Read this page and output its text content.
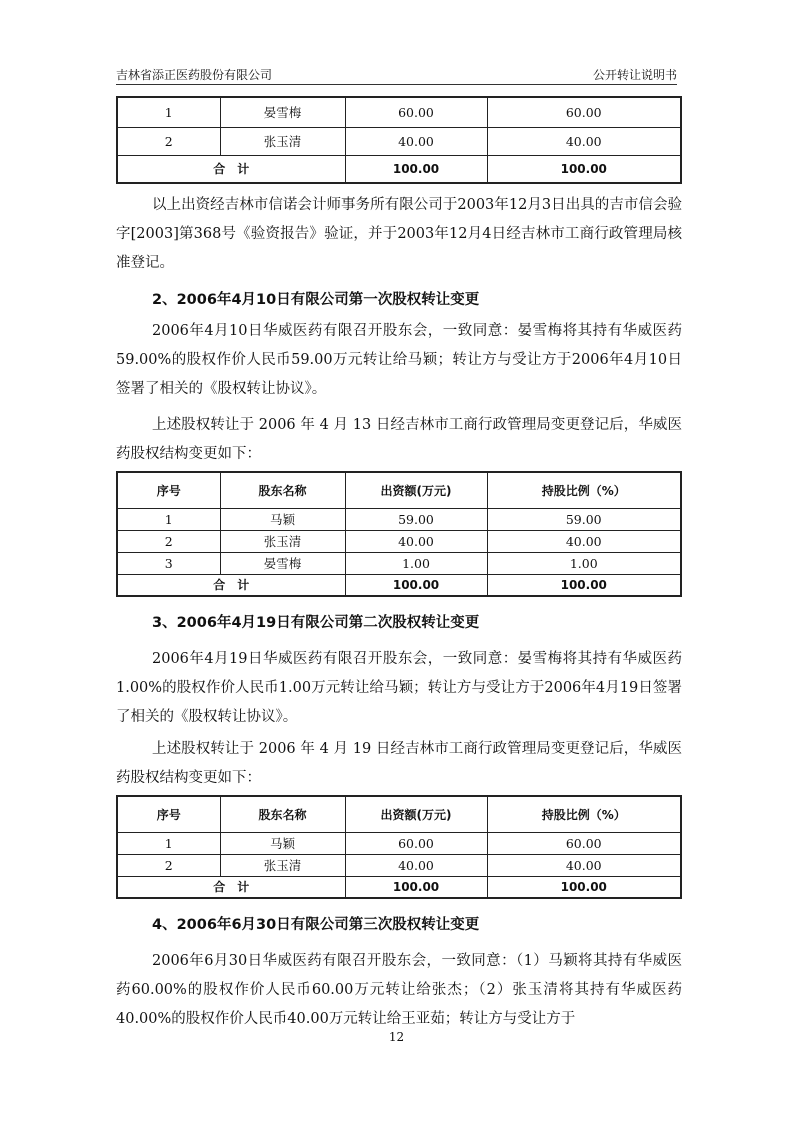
吉林省添正医药股份有限公司	公开转让说明书
1	晏雪梅	60.00	60.00
2	张玉清	40.00	40.00
合　计		100.00	100.00
以上出资经吉林市信诺会计师事务所有限公司于2003年12月3日出具的吉市信会验字[2003]第368号《验资报告》验证，并于2003年12月4日经吉林市工商行政管理局核准登记。
2、2006年4月10日有限公司第一次股权转让变更
2006年4月10日华威医药有限召开股东会，一致同意：晏雪梅将其持有华威医药59.00%的股权作价人民币59.00万元转让给马颖；转让方与受让方于2006年4月10日签署了相关的《股权转让协议》。
上述股权转让于 2006 年 4 月 13 日经吉林市工商行政管理局变更登记后，华威医药股权结构变更如下：
序号	股东名称	出资额(万元)	持股比例（%）
1	马颖	59.00	59.00
2	张玉清	40.00	40.00
3	晏雪梅	1.00	1.00
合　计		100.00	100.00
3、2006年4月19日有限公司第二次股权转让变更
2006年4月19日华威医药有限召开股东会，一致同意：晏雪梅将其持有华威医药1.00%的股权作价人民币1.00万元转让给马颖；转让方与受让方于2006年4月19日签署了相关的《股权转让协议》。
上述股权转让于 2006 年 4 月 19 日经吉林市工商行政管理局变更登记后，华威医药股权结构变更如下：
序号	股东名称	出资额(万元)	持股比例（%）
1	马颖	60.00	60.00
2	张玉清	40.00	40.00
合　计		100.00	100.00
4、2006年6月30日有限公司第三次股权转让变更
2006年6月30日华威医药有限召开股东会，一致同意：（1）马颖将其持有华威医药60.00%的股权作价人民币60.00万元转让给张杰；（2）张玉清将其持有华威医药40.00%的股权作价人民币40.00万元转让给王亚茹；转让方与受让方于
12
